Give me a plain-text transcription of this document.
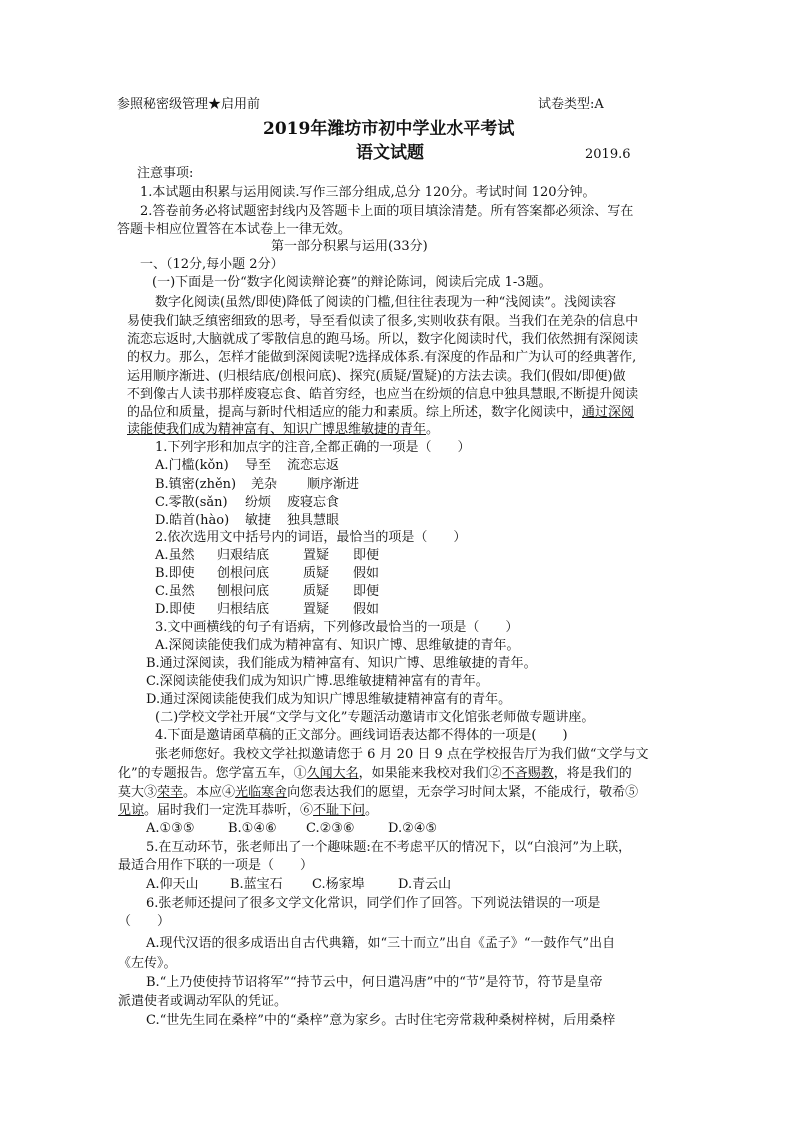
参照秘密级管理★启用前	试卷类型:A
2019年潍坊市初中学业水平考试
语文试题	2019.6
注意事项:
1.本试题由积累与运用阅读.写作三部分组成,总分 120分。考试时间 120分钟。
2.答卷前务必将试题密封线内及答题卡上面的项目填涂清楚。所有答案都必须涂、写在
答题卡相应位置答在本试卷上一律无效。
第一部分积累与运用(33分)
一、（12分,每小题 2分）
(一)下面是一份“数字化阅读辩论赛”的辩论陈词，阅读后完成 1-3题。
数字化阅读(虽然/即使)降低了阅读的门槛,但往往表现为一种“浅阅读”。浅阅读容
易使我们缺乏缜密细致的思考，导至看似读了很多,实则收获有限。当我们在羌杂的信息中
流恋忘返时,大脑就成了零散信息的跑马场。所以，数字化阅读时代，我们依然拥有深阅读
的权力。那么，怎样才能做到深阅读呢?选择成体系.有深度的作品和广为认可的经典著作,
运用顺序渐进、(归根结底/创根问底)、探究(质疑/置疑)的方法去读。我们(假如/即便)做
不到像古人读书那样废寝忘食、皓首穷经，也应当在纷烦的信息中独具慧眼,不断提升阅读
的品位和质量，提高与新时代相适应的能力和素质。综上所述，数字化阅读中，通过深阅
读能使我们成为精神富有、知识广博思维敏捷的青年。
1.下列字形和加点字的注音,全都正确的一项是（　　）
A.门槛(kǒn) 导至 流恋忘返
B.镇密(zhěn) 羌杂 顺序渐进
C.零散(sǎn) 纷烦 废寝忘食
D.皓首(hào) 敏捷 独具慧眼
2.依次选用文中括号内的词语，最恰当的项是（　　）
A.虽然 归艰结底	置疑 即便
B.即使 创根问底	质疑 假如
C.虽然 刨根问底	质疑 即便
D.即使 归根结底	置疑 假如
3.文中画横线的句子有语病，下列修改最恰当的一项是（　　）
A.深阅读能使我们成为精神富有、知识广博、思维敏捷的青年。
B.通过深阅读，我们能成为精神富有、知识广博、思维敏捷的青年。
C.深阅读能使我们成为知识广博.思维敏捷精神富有的青年。
D.通过深阅读能使我们成为知识广博思维敏捷精神富有的青年。
(二)学校文学社开展“文学与文化”专题活动邀请市文化馆张老师做专题讲座。
4.下面是邀请函草稿的正文部分。画线词语表达都不得体的一项是(　　)
张老师您好。我校文学社拟邀请您于 6 月 20 日 9 点在学校报告厅为我们做“文学与文
化”的专题报告。您学富五车，①久闻大名，如果能来我校对我们②不吝赐教，将是我们的
莫大③荣幸。本应④光临寒舍向您表达我们的愿望，无奈学习时间太紧，不能成行，敬希⑤
见谅。届时我们一定洗耳恭听，⑥不耻下问。
A.①③⑤	B.①④⑥ C.②③⑥	D.②④⑤
5.在互动环节，张老师出了一个趣味题:在不考虑平仄的情况下，以“白浪河”为上联，
最适合用作下联的一项是（　　）
A.仰天山 B.蓝宝石 C.杨家埠	D.青云山
6.张老师还提问了很多文学文化常识，同学们作了回答。下列说法错误的一项是
（　　）
A.现代汉语的很多成语出自古代典籍，如“三十而立”出自《孟子》“一鼓作气”出自
《左传》。
B.“上乃使使持节诏将军”“持节云中，何日遣冯唐”中的“节”是符节，符节是皇帝
派遣使者或调动军队的凭证。
C.“世先生同在桑梓”中的“桑梓”意为家乡。古时住宅旁常栽种桑树梓树，后用桑梓
